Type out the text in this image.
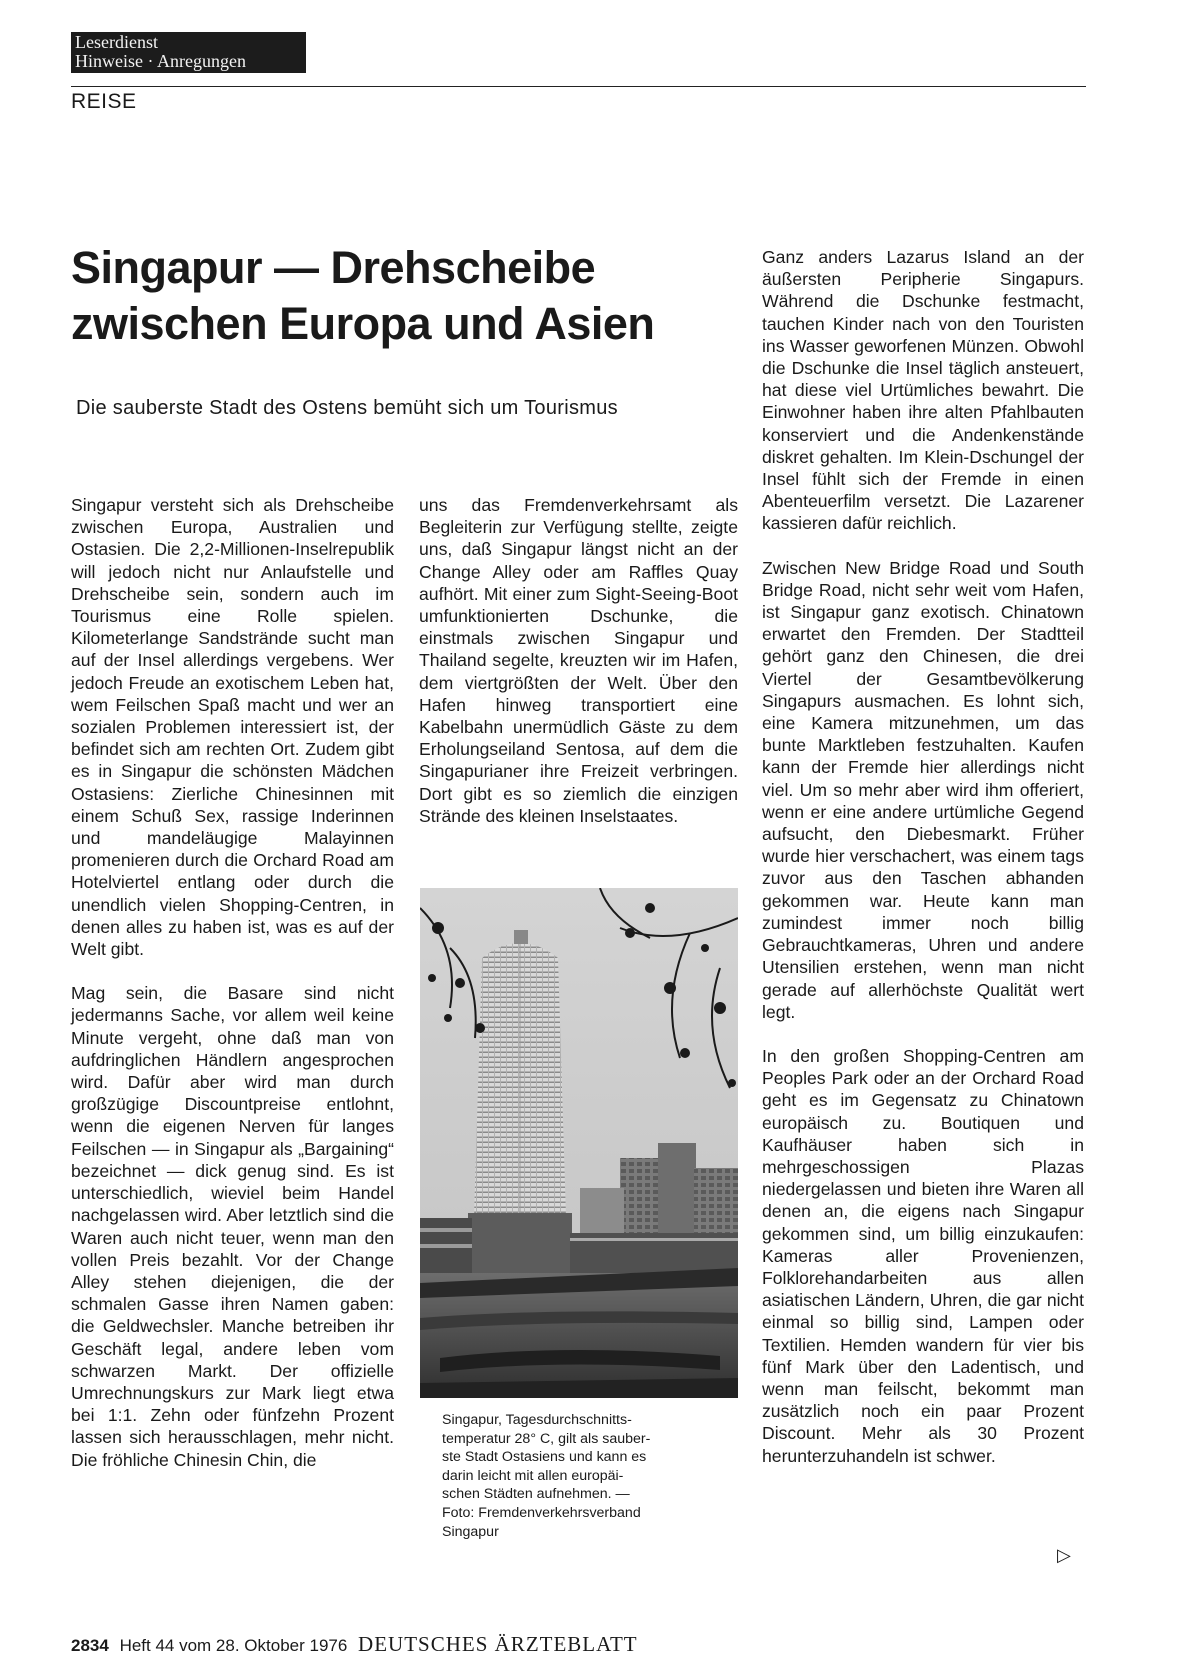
Leserdienst
Hinweise · Anregungen
REISE
Singapur — Drehscheibe
zwischen Europa und Asien
Die sauberste Stadt des Ostens bemüht sich um Tourismus

Singapur versteht sich als Drehscheibe zwischen Europa, Australien und Ostasien. Die 2,2-Millionen-Inselrepublik will jedoch nicht nur Anlaufstelle und Drehscheibe sein, sondern auch im Tourismus eine Rolle spielen. Kilometerlange Sandstrände sucht man auf der Insel allerdings vergebens. Wer jedoch Freude an exotischem Leben hat, wem Feilschen Spaß macht und wer an sozialen Problemen interessiert ist, der befindet sich am rechten Ort. Zudem gibt es in Singapur die schönsten Mädchen Ostasiens: Zierliche Chinesinnen mit einem Schuß Sex, rassige Inderinnen und mandeläugige Malayinnen promenieren durch die Orchard Road am Hotelviertel entlang oder durch die unendlich vielen Shopping-Centren, in denen alles zu haben ist, was es auf der Welt gibt.

Mag sein, die Basare sind nicht jedermanns Sache, vor allem weil keine Minute vergeht, ohne daß man von aufdringlichen Händlern angesprochen wird. Dafür aber wird man durch großzügige Discountpreise entlohnt, wenn die eigenen Nerven für langes Feilschen — in Singapur als „Bargaining“ bezeichnet — dick genug sind. Es ist unterschiedlich, wieviel beim Handel nachgelassen wird. Aber letztlich sind die Waren auch nicht teuer, wenn man den vollen Preis bezahlt. Vor der Change Alley stehen diejenigen, die der schmalen Gasse ihren Namen gaben: die Geldwechsler. Manche betreiben ihr Geschäft legal, andere leben vom schwarzen Markt. Der offizielle Umrechnungskurs zur Mark liegt etwa bei 1:1. Zehn oder fünfzehn Prozent lassen sich herausschlagen, mehr nicht. Die fröhliche Chinesin Chin, die

uns das Fremdenverkehrsamt als Begleiterin zur Verfügung stellte, zeigte uns, daß Singapur längst nicht an der Change Alley oder am Raffles Quay aufhört. Mit einer zum Sight-Seeing-Boot umfunktionierten Dschunke, die einstmals zwischen Singapur und Thailand segelte, kreuzten wir im Hafen, dem viertgrößten der Welt. Über den Hafen hinweg transportiert eine Kabelbahn unermüdlich Gäste zu dem Erholungseiland Sentosa, auf dem die Singapurianer ihre Freizeit verbringen. Dort gibt es so ziemlich die einzigen Strände des kleinen Inselstaates.

Singapur, Tagesdurchschnitts-
temperatur 28° C, gilt als sauber-
ste Stadt Ostasiens und kann es
darin leicht mit allen europäi-
schen Städten aufnehmen. —
Foto: Fremdenverkehrsverband
Singapur

Ganz anders Lazarus Island an der äußersten Peripherie Singapurs. Während die Dschunke festmacht, tauchen Kinder nach von den Touristen ins Wasser geworfenen Münzen. Obwohl die Dschunke die Insel täglich ansteuert, hat diese viel Urtümliches bewahrt. Die Einwohner haben ihre alten Pfahlbauten konserviert und die Andenkenstände diskret gehalten. Im Klein-Dschungel der Insel fühlt sich der Fremde in einen Abenteuerfilm versetzt. Die Lazarener kassieren dafür reichlich.

Zwischen New Bridge Road und South Bridge Road, nicht sehr weit vom Hafen, ist Singapur ganz exotisch. Chinatown erwartet den Fremden. Der Stadtteil gehört ganz den Chinesen, die drei Viertel der Gesamtbevölkerung Singapurs ausmachen. Es lohnt sich, eine Kamera mitzunehmen, um das bunte Marktleben festzuhalten. Kaufen kann der Fremde hier allerdings nicht viel. Um so mehr aber wird ihm offeriert, wenn er eine andere urtümliche Gegend aufsucht, den Diebesmarkt. Früher wurde hier verschachert, was einem tags zuvor aus den Taschen abhanden gekommen war. Heute kann man zumindest immer noch billig Gebrauchtkameras, Uhren und andere Utensilien erstehen, wenn man nicht gerade auf allerhöchste Qualität wert legt.

In den großen Shopping-Centren am Peoples Park oder an der Orchard Road geht es im Gegensatz zu Chinatown europäisch zu. Boutiquen und Kaufhäuser haben sich in mehrgeschossigen Plazas niedergelassen und bieten ihre Waren all denen an, die eigens nach Singapur gekommen sind, um billig einzukaufen: Kameras aller Provenienzen, Folklorehandarbeiten aus allen asiatischen Ländern, Uhren, die gar nicht einmal so billig sind, Lampen oder Textilien. Hemden wandern für vier bis fünf Mark über den Ladentisch, und wenn man feilscht, bekommt man zusätzlich noch ein paar Prozent Discount. Mehr als 30 Prozent herunterzuhandeln ist schwer.

▷
2834 Heft 44 vom 28. Oktober 1976 DEUTSCHES ÄRZTEBLATT
